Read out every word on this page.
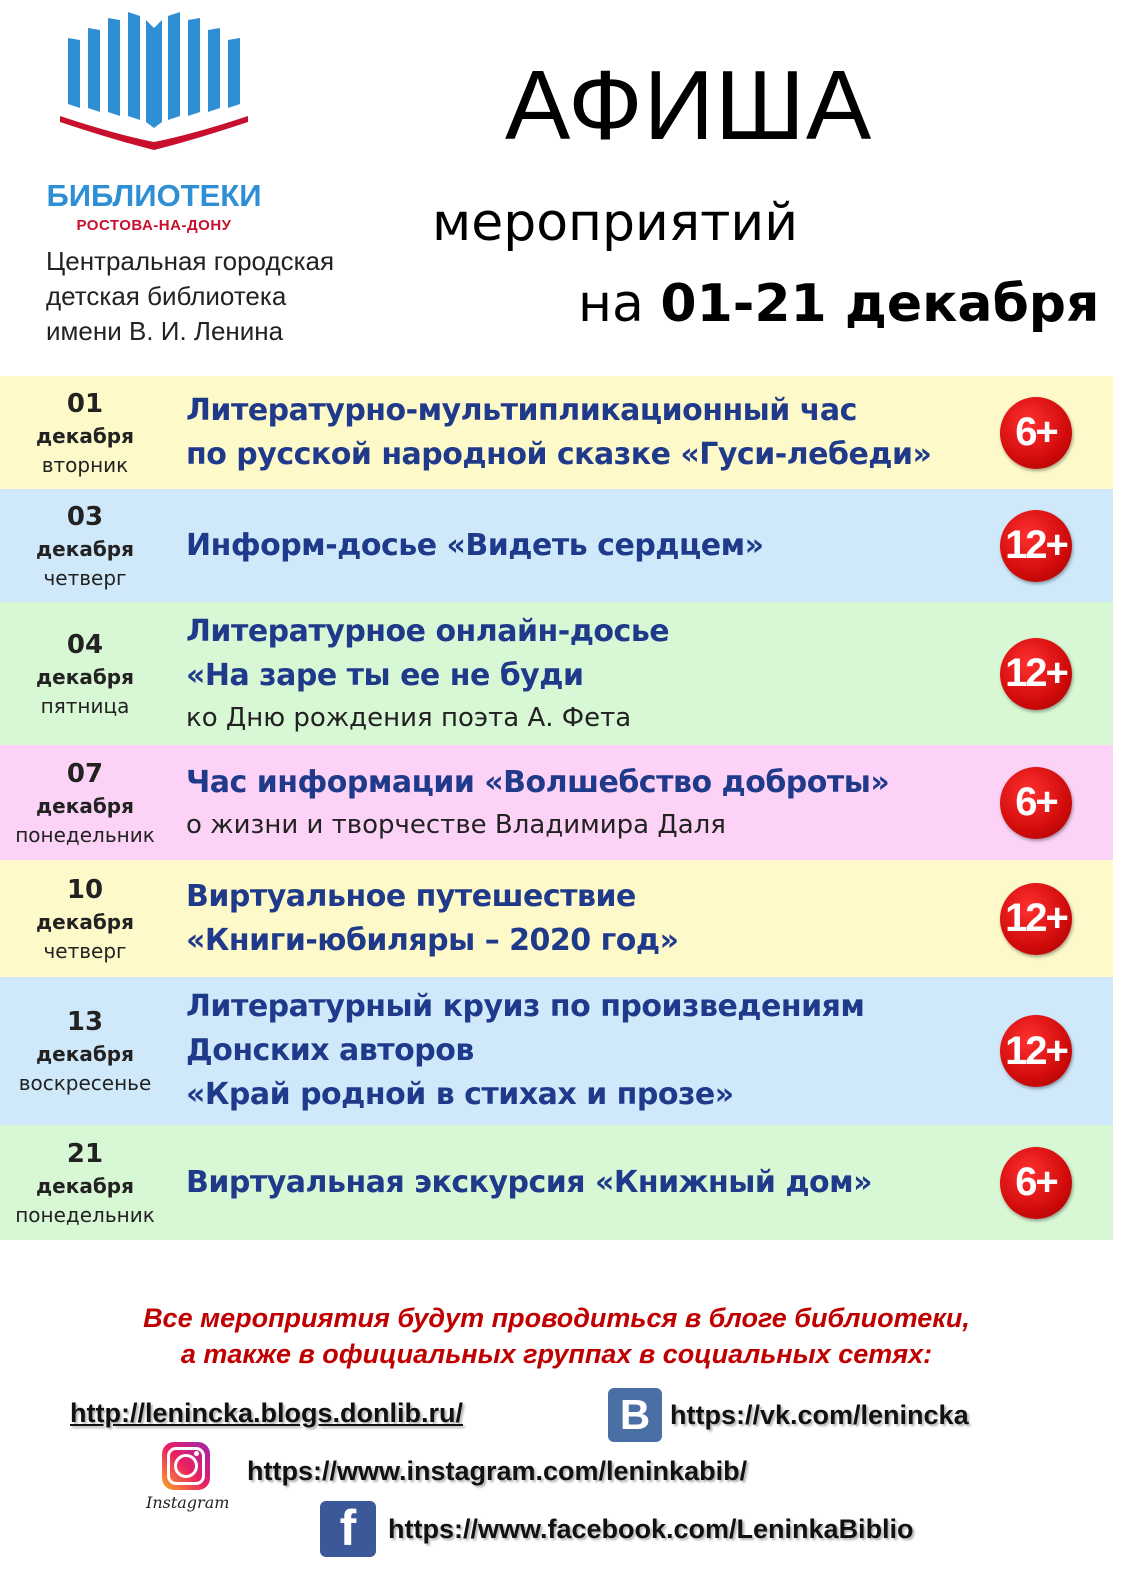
БИБЛИОТЕКИ
РОСТОВА-НА-ДОНУ
Центральная городская
детская библиотека
имени В. И. Ленина
АФИША
мероприятий
на 01-21 декабря
01
декабря
вторник
Литературно-мультипликационный час
по русской народной сказке «Гуси-лебеди»	6+
03
декабря
четверг
Информ-досье «Видеть сердцем»	12+
04
декабря
пятница
Литературное онлайн-досье
«На заре ты ее не буди
ко Дню рождения поэта А. Фета
12+
07
декабря
понедельник
Час информации «Волшебство доброты»
о жизни и творчестве Владимира Даля
6+
10
декабря
четверг
Виртуальное путешествие
«Книги-юбиляры – 2020 год»	12+
13
декабря
воскресенье
Литературный круиз по произведениям
Донских авторов
«Край родной в стихах и прозе»
12+
21
декабря
понедельник
Виртуальная экскурсия «Книжный дом»	6+
Все мероприятия будут проводиться в блоге библиотеки,
а также в официальных группах в социальных сетях:
http://lenincka.blogs.donlib.ru/	B https://vk.com/lenincka
Instagram
https://www.instagram.com/leninkabib/
f	https://www.facebook.com/LeninkaBiblio
